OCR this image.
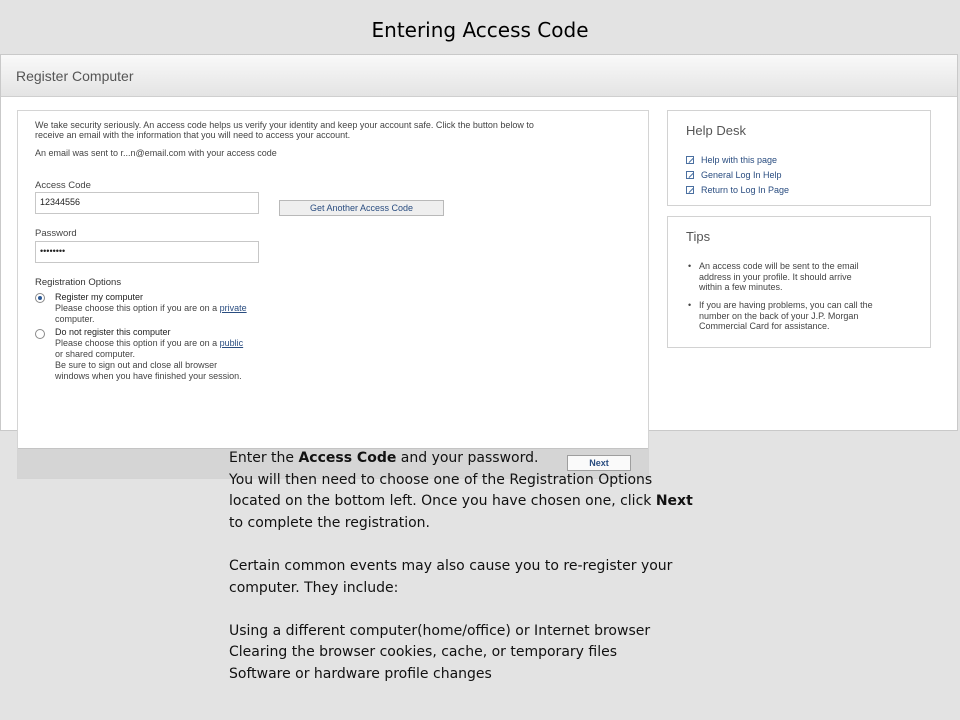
Entering Access Code
Register Computer
We take security seriously. An access code helps us verify your identity and keep your account safe. Click the button below to
receive an email with the information that you will need to access your account.
An email was sent to r...n@email.com with your access code
Access Code
12344556
Get Another Access Code
Password
••••••••
Registration Options
Register my computer
Please choose this option if you are on a private
computer.
Do not register this computer
Please choose this option if you are on a public
or shared computer.
Be sure to sign out and close all browser
windows when you have finished your session.
Next
Help Desk
Help with this page
General Log In Help
Return to Log In Page
Tips
• An access code will be sent to the email
address in your profile. It should arrive
within a few minutes.
• If you are having problems, you can call the
number on the back of your J.P. Morgan
Commercial Card for assistance.
Enter the Access Code and your password.
You will then need to choose one of the Registration Options
located on the bottom left. Once you have chosen one, click Next
to complete the registration.
Certain common events may also cause you to re-register your
computer. They include:
Using a different computer(home/office) or Internet browser
Clearing the browser cookies, cache, or temporary files
Software or hardware profile changes
